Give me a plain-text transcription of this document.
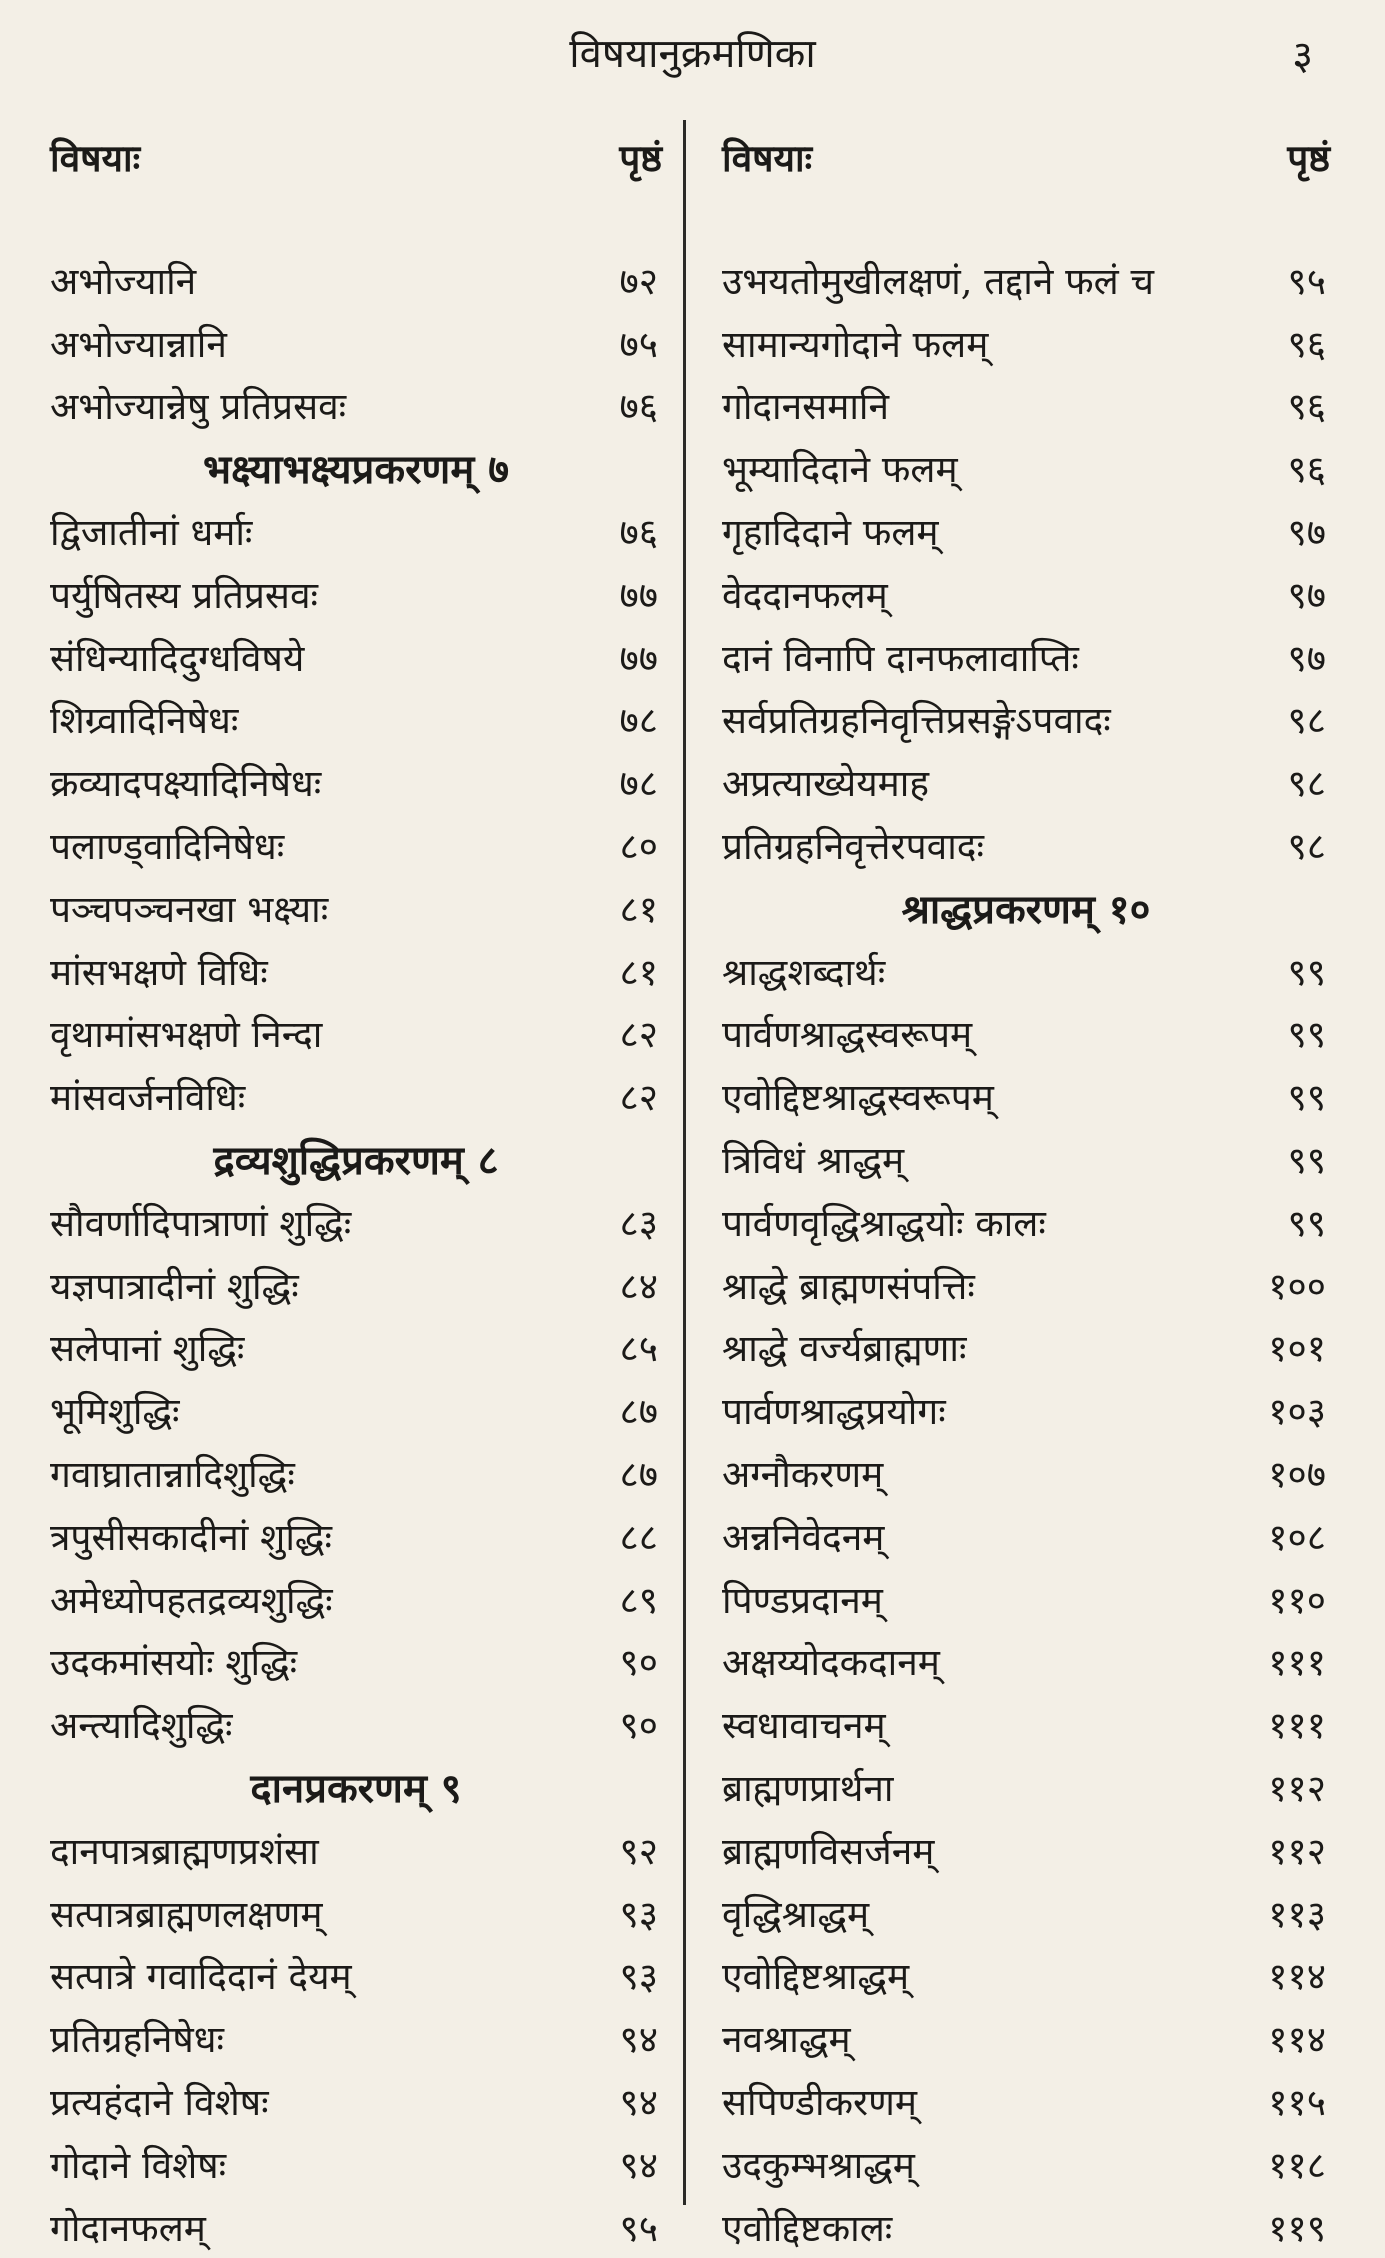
विषयानुक्रमणिका	३
विषयाः	पृष्ठं
अभोज्यानि	७२
अभोज्यान्नानि	७५
अभोज्यान्नेषु प्रतिप्रसवः	७६
भक्ष्याभक्ष्यप्रकरणम् ७
द्विजातीनां धर्माः	७६
पर्युषितस्य प्रतिप्रसवः	७७
संधिन्यादिदुग्धविषये	७७
शिग्र्वादिनिषेधः	७८
क्रव्यादपक्ष्यादिनिषेधः	७८
पलाण्ड्वादिनिषेधः	८०
पञ्चपञ्चनखा भक्ष्याः	८१
मांसभक्षणे विधिः	८१
वृथामांसभक्षणे निन्दा	८२
मांसवर्जनविधिः	८२
द्रव्यशुद्धिप्रकरणम् ८
सौवर्णादिपात्राणां शुद्धिः	८३
यज्ञपात्रादीनां शुद्धिः	८४
सलेपानां शुद्धिः	८५
भूमिशुद्धिः	८७
गवाघ्रातान्नादिशुद्धिः	८७
त्रपुसीसकादीनां शुद्धिः	८८
अमेध्योपहतद्रव्यशुद्धिः	८९
उदकमांसयोः शुद्धिः	९०
अन्त्यादिशुद्धिः	९०
दानप्रकरणम् ९
दानपात्रब्राह्मणप्रशंसा	९२
सत्पात्रब्राह्मणलक्षणम्	९३
सत्पात्रे गवादिदानं देयम्	९३
प्रतिग्रहनिषेधः	९४
प्रत्यहंदाने विशेषः	९४
गोदाने विशेषः	९४
गोदानफलम्	९५
विषयाः	पृष्ठं
उभयतोमुखीलक्षणं, तद्दाने फलं च	९५
सामान्यगोदाने फलम्	९६
गोदानसमानि	९६
भूम्यादिदाने फलम्	९६
गृहादिदाने फलम्	९७
वेददानफलम्	९७
दानं विनापि दानफलावाप्तिः	९७
सर्वप्रतिग्रहनिवृत्तिप्रसङ्गेऽपवादः	९८
अप्रत्याख्येयमाह	९८
प्रतिग्रहनिवृत्तेरपवादः	९८
श्राद्धप्रकरणम् १०
श्राद्धशब्दार्थः	९९
पार्वणश्राद्धस्वरूपम्	९९
एवोद्दिष्टश्राद्धस्वरूपम्	९९
त्रिविधं श्राद्धम्	९९
पार्वणवृद्धिश्राद्धयोः कालः	९९
श्राद्धे ब्राह्मणसंपत्तिः	१००
श्राद्धे वर्ज्यब्राह्मणाः	१०१
पार्वणश्राद्धप्रयोगः	१०३
अग्नौकरणम्	१०७
अन्ननिवेदनम्	१०८
पिण्डप्रदानम्	११०
अक्षय्योदकदानम्	१११
स्वधावाचनम्	१११
ब्राह्मणप्रार्थना	११२
ब्राह्मणविसर्जनम्	११२
वृद्धिश्राद्धम्	११३
एवोद्दिष्टश्राद्धम्	११४
नवश्राद्धम्	११४
सपिण्डीकरणम्	११५
उदकुम्भश्राद्धम्	११८
एवोद्दिष्टकालः	११९
